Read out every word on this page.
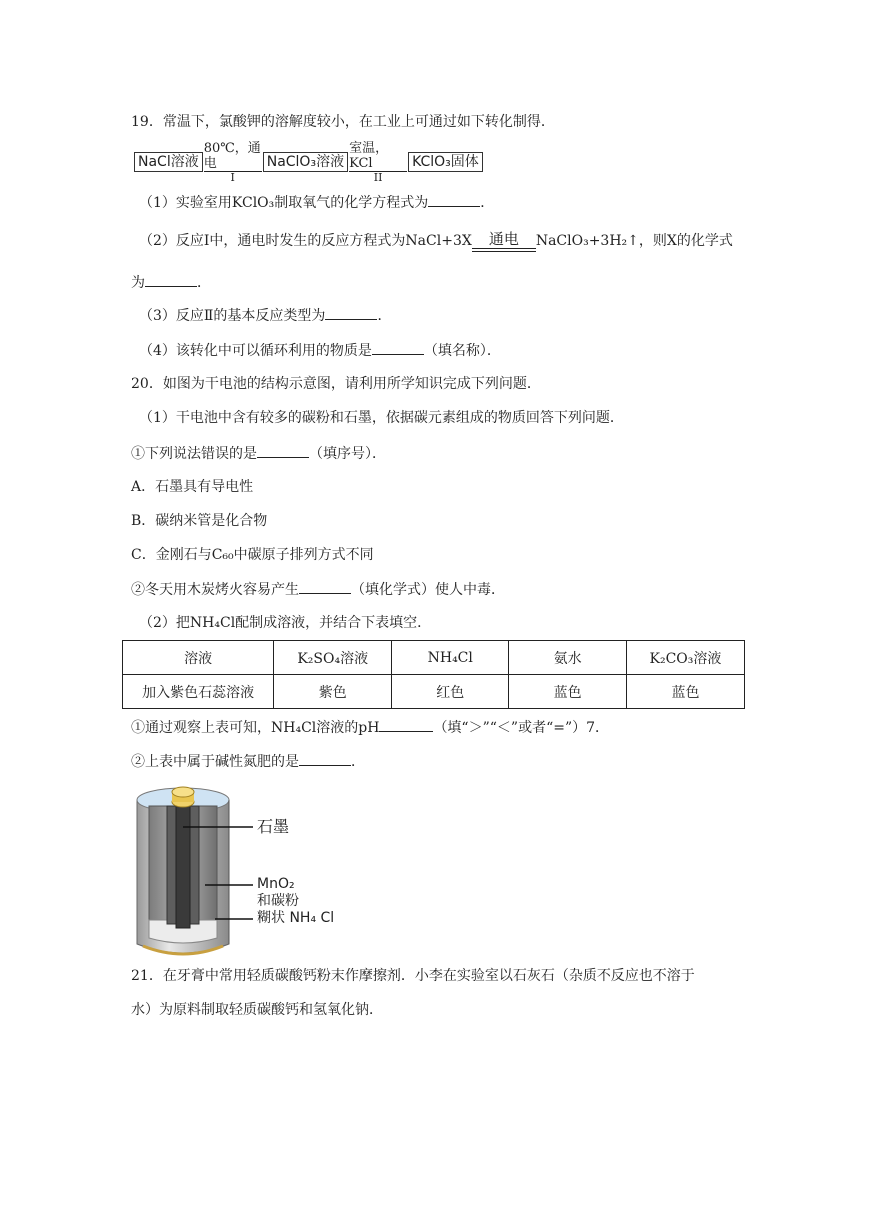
19．常温下，氯酸钾的溶解度较小，在工业上可通过如下转化制得．
NaCl溶液
80℃，通电
I
NaClO₃溶液
室温，KCl
II
KClO₃固体
（1）实验室用KClO₃制取氧气的化学方程式为	．
（2）反应Ⅰ中，通电时发生的反应方程式为NaCl+3X 通电 NaClO₃+3H₂↑，则X的化学式
为	．
（3）反应Ⅱ的基本反应类型为	．
（4）该转化中可以循环利用的物质是	（填名称）．
20．如图为干电池的结构示意图，请利用所学知识完成下列问题．
（1）干电池中含有较多的碳粉和石墨，依据碳元素组成的物质回答下列问题．
①下列说法错误的是	（填序号）．
A．石墨具有导电性
B．碳纳米管是化合物
C．金刚石与C₆₀中碳原子排列方式不同
②冬天用木炭烤火容易产生	（填化学式）使人中毒．
（2）把NH₄Cl配制成溶液，并结合下表填空．
溶液	K₂SO₄溶液	NH₄Cl	氨水	K₂CO₃溶液
加入紫色石蕊溶液	紫色	红色	蓝色	蓝色
①通过观察上表可知，NH₄Cl溶液的pH	（填“＞”“＜”或者“=”）7．
②上表中属于碱性氮肥的是	．
石墨
MnO₂
和碳粉
糊状 NH₄ Cl
21．在牙膏中常用轻质碳酸钙粉末作摩擦剂．小李在实验室以石灰石（杂质不反应也不溶于
水）为原料制取轻质碳酸钙和氢氧化钠．
